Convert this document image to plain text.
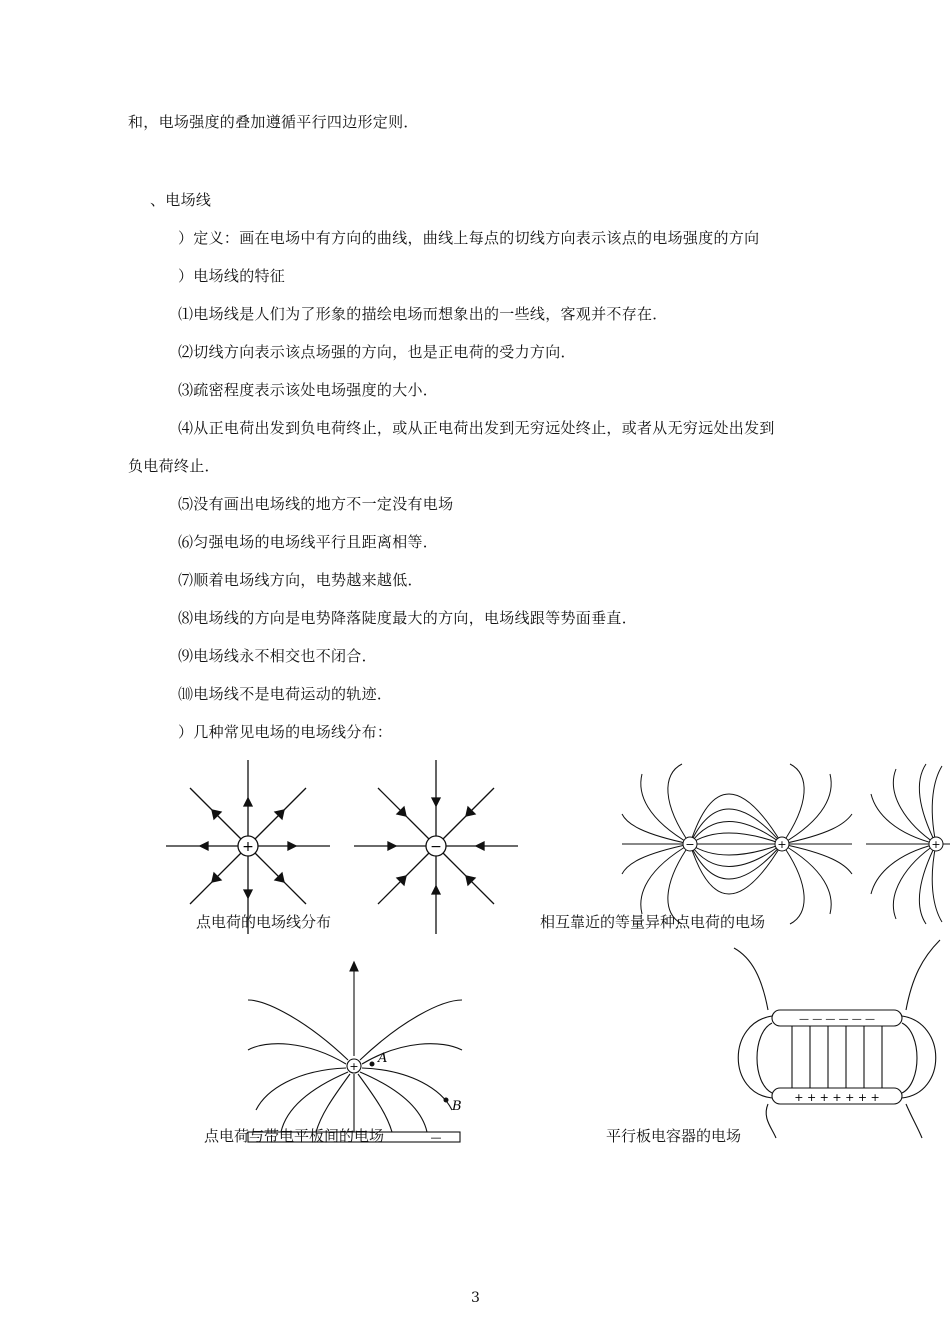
和，电场强度的叠加遵循平行四边形定则．
、电场线
）定义：画在电场中有方向的曲线，曲线上每点的切线方向表示该点的电场强度的方向
）电场线的特征
⑴电场线是人们为了形象的描绘电场而想象出的一些线，客观并不存在．
⑵切线方向表示该点场强的方向，也是正电荷的受力方向．
⑶疏密程度表示该处电场强度的大小．
⑷从正电荷出发到负电荷终止，或从正电荷出发到无穷远处终止，或者从无穷远处出发到
负电荷终止．
⑸没有画出电场线的地方不一定没有电场
⑹匀强电场的电场线平行且距离相等．
⑺顺着电场线方向，电势越来越低．
⑻电场线的方向是电势降落陡度最大的方向，电场线跟等势面垂直．
⑼电场线永不相交也不闭合．
⑽电场线不是电荷运动的轨迹．
）几种常见电场的电场线分布：
+	−
点电荷的电场线分布
−	+	+
相互靠近的等量异种点电荷的电场
+
A
B
—
点电荷与带电平板间的电场
— — — — — —
+ + + + + + +
平行板电容器的电场
3
